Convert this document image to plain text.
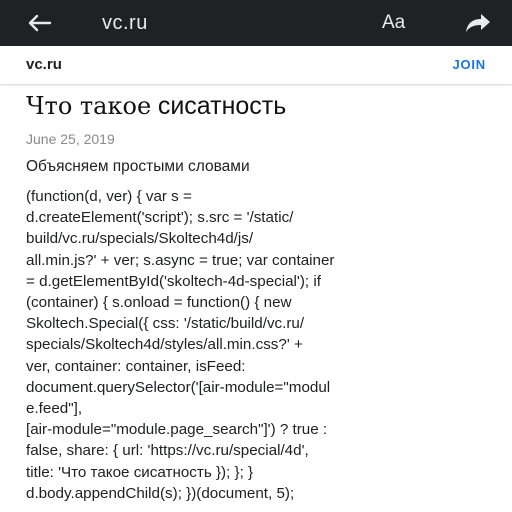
vc.ru	Aa
vc.ru	JOIN
Что такое сисатность
June 25, 2019
Объясняем простыми словами
(function(d, ver) { var s =
d.createElement('script'); s.src = '/static/
build/vc.ru/specials/Skoltech4d/js/
all.min.js?' + ver; s.async = true; var container
= d.getElementById('skoltech-4d-special'); if
(container) { s.onload = function() { new
Skoltech.Special({ css: '/static/build/vc.ru/
specials/Skoltech4d/styles/all.min.css?' +
ver, container: container, isFeed:
document.querySelector('[air-module="modul
e.feed"],
[air-module="module.page_search"]') ? true :
false, share: { url: 'https://vc.ru/special/4d',
title: 'Что такое сисатность }); }; }
d.body.appendChild(s); })(document, 5);
